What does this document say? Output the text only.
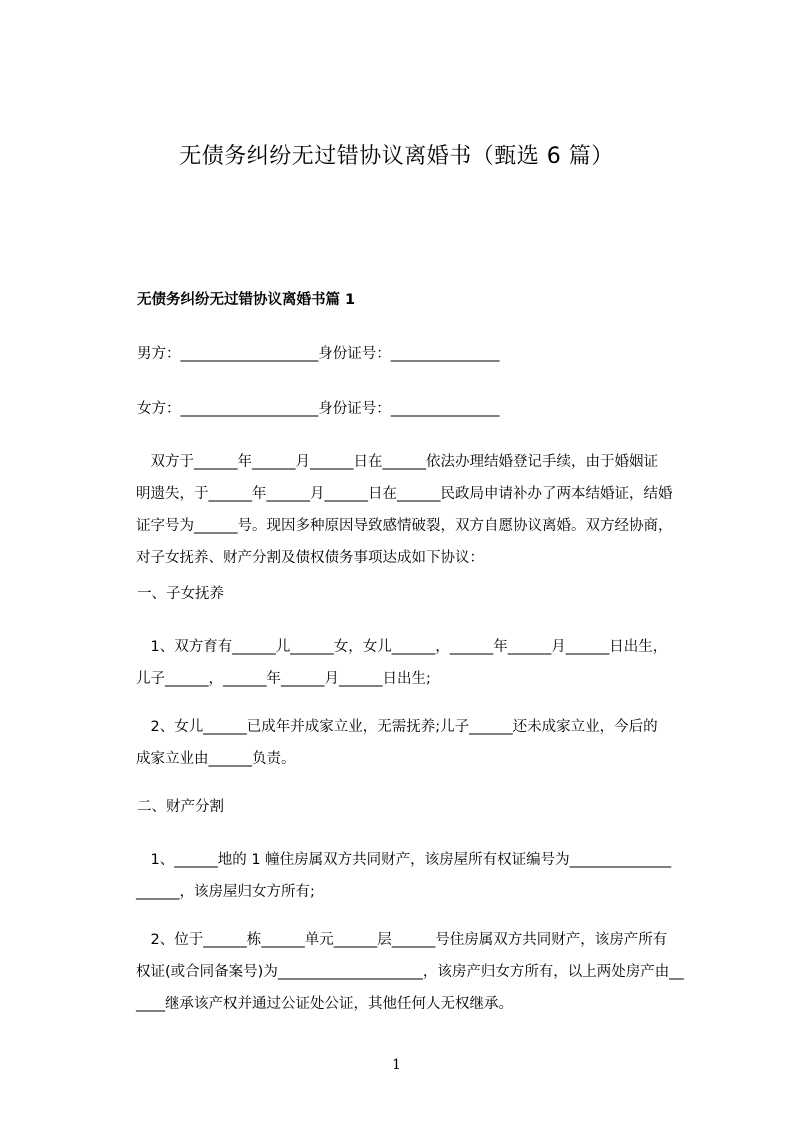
无债务纠纷无过错协议离婚书（甄选 6 篇）
无债务纠纷无过错协议离婚书篇 1
男方：___________________身份证号：_______________
女方：___________________身份证号：_______________
　双方于______年______月______日在______依法办理结婚登记手续，由于婚姻证
明遗失，于______年______月______日在______民政局申请补办了两本结婚证，结婚
证字号为______号。现因多种原因导致感情破裂，双方自愿协议离婚。双方经协商，
对子女抚养、财产分割及债权债务事项达成如下协议：
一、子女抚养
　1、双方育有______儿______女，女儿______，______年______月______日出生，
儿子______，______年______月______日出生;
　2、女儿______已成年并成家立业，无需抚养;儿子______还未成家立业，今后的
成家立业由______负责。
二、财产分割
　1、______地的 1 幢住房属双方共同财产，该房屋所有权证编号为______________
______，该房屋归女方所有;
　2、位于______栋______单元______层______号住房属双方共同财产，该房产所有
权证(或合同备案号)为____________________，该房产归女方所有，以上两处房产由__
____继承该产权并通过公证处公证，其他任何人无权继承。
1
